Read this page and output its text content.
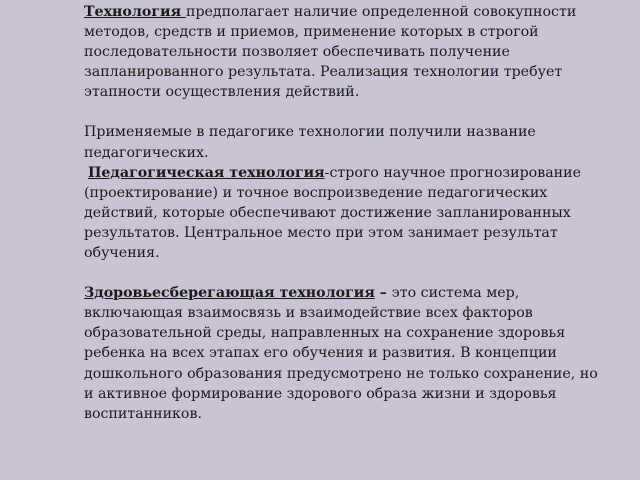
Технология предполагает наличие определенной совокупности методов, средств и приемов, применение которых в строгой последовательности позволяет обеспечивать получение запланированного результата. Реализация технологии требует этапности осуществления действий.

Применяемые в педагогике технологии получили название педагогических.
Педагогическая технология-строго научное прогнозирование (проектирование) и точное воспроизведение педагогических действий, которые обеспечивают достижение запланированных результатов. Центральное место при этом занимает результат обучения.

Здоровьесберегающая технология – это система мер, включающая взаимосвязь и взаимодействие всех факторов образовательной среды, направленных на сохранение здоровья ребенка на всех этапах его обучения и развития. В концепции дошкольного образования предусмотрено не только сохранение, но и активное формирование здорового образа жизни и здоровья воспитанников.
